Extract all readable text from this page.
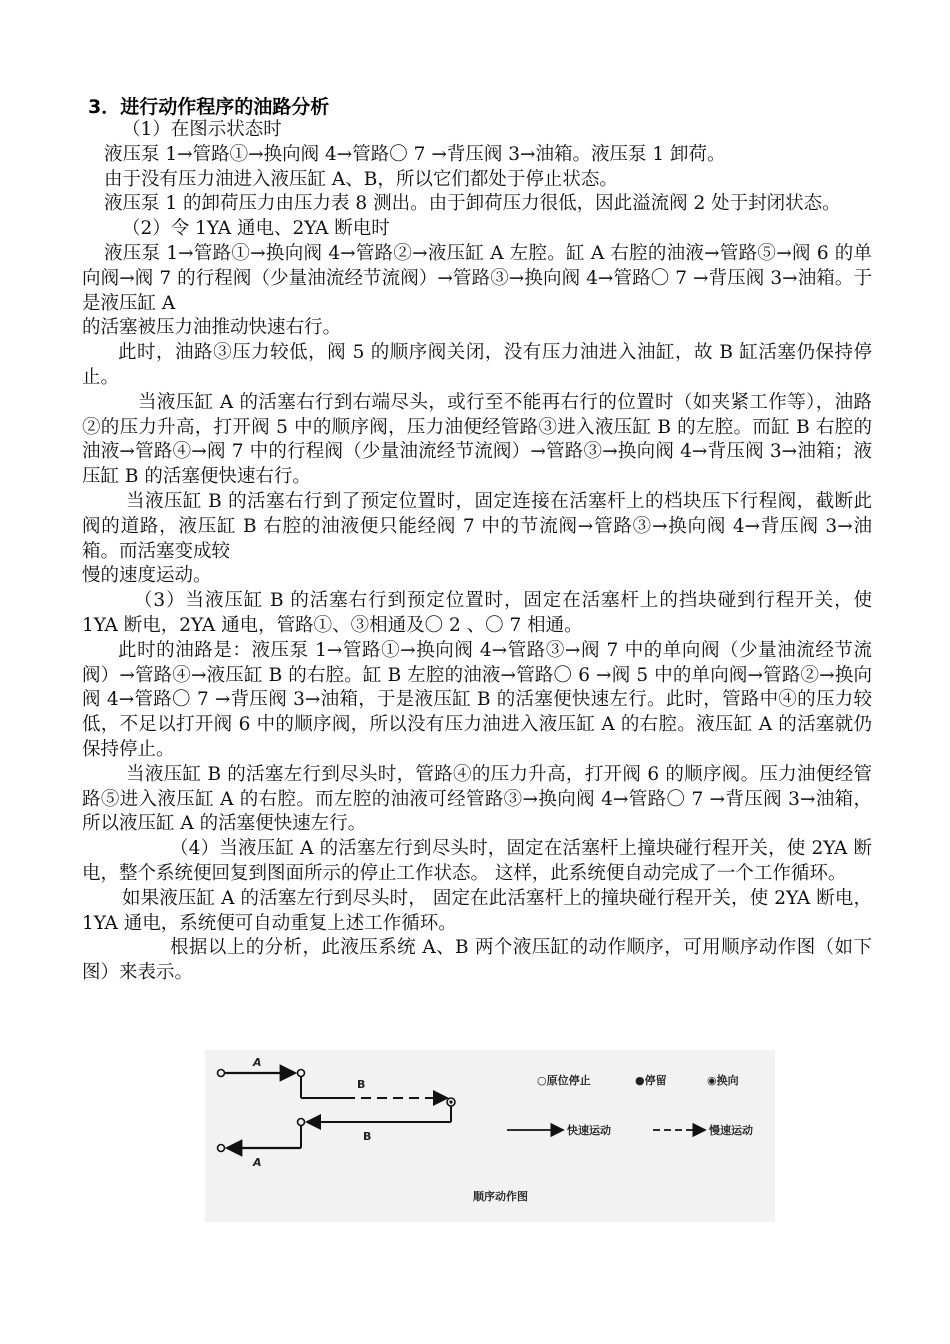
3．进行动作程序的油路分析

（1）在图示状态时

液压泵 1→管路①→换向阀 4→管路〇 7 →背压阀 3→油箱。液压泵 1 卸荷。

由于没有压力油进入液压缸 A、B，所以它们都处于停止状态。

液压泵 1 的卸荷压力由压力表 8 测出。由于卸荷压力很低，因此溢流阀 2 处于封闭状态。

（2）令 1YA 通电、2YA 断电时

液压泵 1→管路①→换向阀 4→管路②→液压缸 A 左腔。缸 A 右腔的油液→管路⑤→阀 6 的单向阀→阀 7 的行程阀（少量油流经节流阀）→管路③→换向阀 4→管路〇 7 →背压阀 3→油箱。于是液压缸 A

的活塞被压力油推动快速右行。

此时，油路③压力较低，阀 5 的顺序阀关闭，没有压力油进入油缸，故 B 缸活塞仍保持停止。

当液压缸 A 的活塞右行到右端尽头，或行至不能再右行的位置时（如夹紧工作等），油路②的压力升高，打开阀 5 中的顺序阀，压力油便经管路③进入液压缸 B 的左腔。而缸 B 右腔的油液→管路④→阀 7 中的行程阀（少量油流经节流阀）→管路③→换向阀 4→背压阀 3→油箱；液压缸 B 的活塞便快速右行。

当液压缸 B 的活塞右行到了预定位置时，固定连接在活塞杆上的档块压下行程阀，截断此阀的道路，液压缸 B 右腔的油液便只能经阀 7 中的节流阀→管路③→换向阀 4→背压阀 3→油箱。而活塞变成较

慢的速度运动。

（3）当液压缸 B 的活塞右行到预定位置时，固定在活塞杆上的挡块碰到行程开关，使 1YA 断电，2YA 通电，管路①、③相通及〇 2 、〇 7 相通。

此时的油路是：液压泵 1→管路①→换向阀 4→管路③→阀 7 中的单向阀（少量油流经节流阀）→管路④→液压缸 B 的右腔。缸 B 左腔的油液→管路〇 6 →阀 5 中的单向阀→管路②→换向阀 4→管路〇 7 →背压阀 3→油箱，于是液压缸 B 的活塞便快速左行。此时，管路中④的压力较低，不足以打开阀 6 中的顺序阀，所以没有压力油进入液压缸 A 的右腔。液压缸 A 的活塞就仍保持停止。

当液压缸 B 的活塞左行到尽头时，管路④的压力升高，打开阀 6 的顺序阀。压力油便经管路⑤进入液压缸 A 的右腔。而左腔的油液可经管路③→换向阀 4→管路〇 7 →背压阀 3→油箱，所以液压缸 A 的活塞便快速左行。

（4）当液压缸 A 的活塞左行到尽头时，固定在活塞杆上撞块碰行程开关，使 2YA 断电，整个系统便回复到图面所示的停止工作状态。 这样，此系统便自动完成了一个工作循环。

如果液压缸 A 的活塞左行到尽头时， 固定在此活塞杆上的撞块碰行程开关，使 2YA 断电，1YA 通电，系统便可自动重复上述工作循环。

根据以上的分析，此液压系统 A、B 两个液压缸的动作顺序，可用顺序动作图（如下图）来表示。

A
B
B
A
○原位停止	●停留	◉换向
快速运动	慢速运动
顺序动作图
